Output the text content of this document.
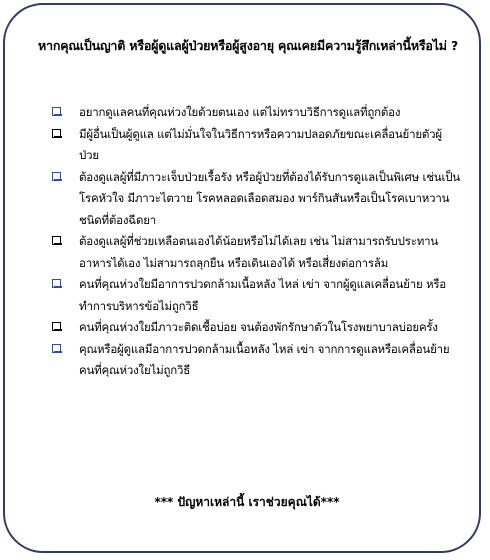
หากคุณเป็นญาติ หรือผู้ดูแลผู้ป่วยหรือผู้สูงอายุ คุณเคยมีความรู้สึกเหล่านี้หรือไม่ ?
อยากดูแลคนที่คุณห่วงใยด้วยตนเอง แต่ไม่ทราบวิธีการดูแลที่ถูกต้อง
มีผู้อื่นเป็นผู้ดูแล แต่ไม่มั่นใจในวิธีการหรือความปลอดภัยขณะเคลื่อนย้ายตัวผู้ป่วย
ต้องดูแลผู้ที่มีภาวะเจ็บป่วยเรื้อรัง หรือผู้ป่วยที่ต้องได้รับการดูแลเป็นพิเศษ เช่นเป็นโรคหัวใจ มีภาวะไตวาย โรคหลอดเลือดสมอง พาร์กินสันหรือเป็นโรคเบาหวานชนิดที่ต้องฉีดยา
ต้องดูแลผู้ที่ช่วยเหลือตนเองได้น้อยหรือไม่ได้เลย เช่น ไม่สามารถรับประทานอาหารได้เอง ไม่สามารถลุกยืน หรือเดินเองได้ หรือเสี่ยงต่อการล้ม
คนที่คุณห่วงใยมีอาการปวดกล้ามเนื้อหลัง ไหล่ เข่า จากผู้ดูแลเคลื่อนย้าย หรือทำการบริหารข้อไม่ถูกวิธี
คนที่คุณห่วงใยมีภาวะติดเชื้อบ่อย จนต้องพักรักษาตัวในโรงพยาบาลบ่อยครั้ง
คุณหรือผู้ดูแลมีอาการปวดกล้ามเนื้อหลัง ไหล่ เข่า จากการดูแลหรือเคลื่อนย้ายคนที่คุณห่วงใยไม่ถูกวิธี
*** ปัญหาเหล่านี้ เราช่วยคุณได้***
